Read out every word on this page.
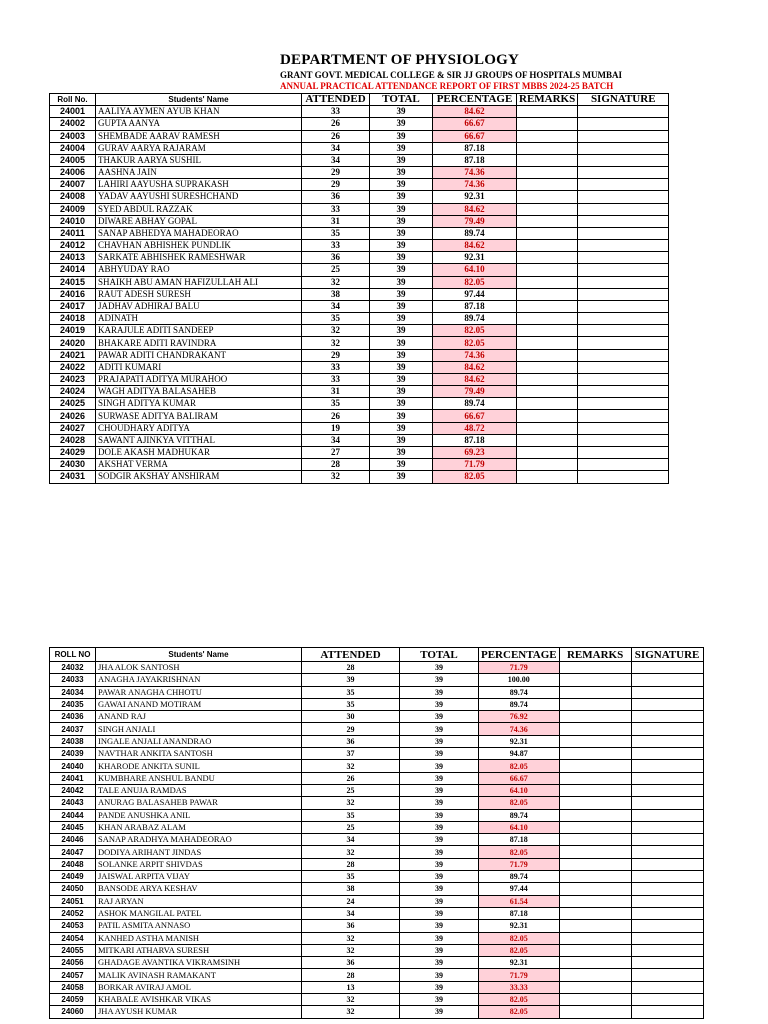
DEPARTMENT OF PHYSIOLOGY
GRANT GOVT. MEDICAL COLLEGE & SIR JJ GROUPS OF HOSPITALS MUMBAI
ANNUAL PRACTICAL ATTENDANCE REPORT OF FIRST MBBS 2024-25 BATCH
Roll No.	Students' Name	ATTENDED	TOTAL	PERCENTAGE	REMARKS	SIGNATURE
24001	AALIYA AYMEN AYUB KHAN	33	39	84.62		
24002	GUPTA AANYA	26	39	66.67		
24003	SHEMBADE AARAV RAMESH	26	39	66.67		
24004	GURAV AARYA RAJARAM	34	39	87.18		
24005	THAKUR AARYA SUSHIL	34	39	87.18		
24006	AASHNA JAIN	29	39	74.36		
24007	LAHIRI AAYUSHA SUPRAKASH	29	39	74.36		
24008	YADAV AAYUSHI SURESHCHAND	36	39	92.31		
24009	SYED ABDUL RAZZAK	33	39	84.62		
24010	DIWARE ABHAY GOPAL	31	39	79.49		
24011	SANAP ABHEDYA MAHADEORAO	35	39	89.74		
24012	CHAVHAN ABHISHEK PUNDLIK	33	39	84.62		
24013	SARKATE ABHISHEK RAMESHWAR	36	39	92.31		
24014	ABHYUDAY RAO	25	39	64.10		
24015	SHAIKH ABU AMAN HAFIZULLAH ALI	32	39	82.05		
24016	RAUT ADESH SURESH	38	39	97.44		
24017	JADHAV ADHIRAJ BALU	34	39	87.18		
24018	ADINATH	35	39	89.74		
24019	KARAJULE ADITI SANDEEP	32	39	82.05		
24020	BHAKARE ADITI RAVINDRA	32	39	82.05		
24021	PAWAR ADITI CHANDRAKANT	29	39	74.36		
24022	ADITI KUMARI	33	39	84.62		
24023	PRAJAPATI ADITYA MURAHOO	33	39	84.62		
24024	WAGH ADITYA BALASAHEB	31	39	79.49		
24025	SINGH ADITYA KUMAR	35	39	89.74		
24026	SURWASE ADITYA BALIRAM	26	39	66.67		
24027	CHOUDHARY ADITYA	19	39	48.72		
24028	SAWANT AJINKYA VITTHAL	34	39	87.18		
24029	DOLE AKASH MADHUKAR	27	39	69.23		
24030	AKSHAT VERMA	28	39	71.79		
24031	SODGIR AKSHAY ANSHIRAM	32	39	82.05		
ROLL NO	Students' Name	ATTENDED	TOTAL	PERCENTAGE	REMARKS	SIGNATURE
24032	JHA ALOK SANTOSH	28	39	71.79		
24033	ANAGHA JAYAKRISHNAN	39	39	100.00		
24034	PAWAR ANAGHA CHHOTU	35	39	89.74		
24035	GAWAI ANAND MOTIRAM	35	39	89.74		
24036	ANAND RAJ	30	39	76.92		
24037	SINGH ANJALI	29	39	74.36		
24038	INGALE ANJALI ANANDRAO	36	39	92.31		
24039	NAVTHAR ANKITA SANTOSH	37	39	94.87		
24040	KHARODE ANKITA SUNIL	32	39	82.05		
24041	KUMBHARE ANSHUL BANDU	26	39	66.67		
24042	TALE ANUJA RAMDAS	25	39	64.10		
24043	ANURAG BALASAHEB PAWAR	32	39	82.05		
24044	PANDE ANUSHKA ANIL	35	39	89.74		
24045	KHAN ARABAZ ALAM	25	39	64.10		
24046	SANAP ARADHYA MAHADEORAO	34	39	87.18		
24047	DODIYA ARIHANT JINDAS	32	39	82.05		
24048	SOLANKE ARPIT SHIVDAS	28	39	71.79		
24049	JAISWAL ARPITA VIJAY	35	39	89.74		
24050	BANSODE ARYA KESHAV	38	39	97.44		
24051	RAJ ARYAN	24	39	61.54		
24052	ASHOK MANGILAL PATEL	34	39	87.18		
24053	PATIL ASMITA ANNASO	36	39	92.31		
24054	KANHED ASTHA MANISH	32	39	82.05		
24055	MITKARI ATHARVA SURESH	32	39	82.05		
24056	GHADAGE AVANTIKA VIKRAMSINH	36	39	92.31		
24057	MALIK AVINASH RAMAKANT	28	39	71.79		
24058	BORKAR AVIRAJ AMOL	13	39	33.33		
24059	KHABALE AVISHKAR VIKAS	32	39	82.05		
24060	JHA AYUSH KUMAR	32	39	82.05		
